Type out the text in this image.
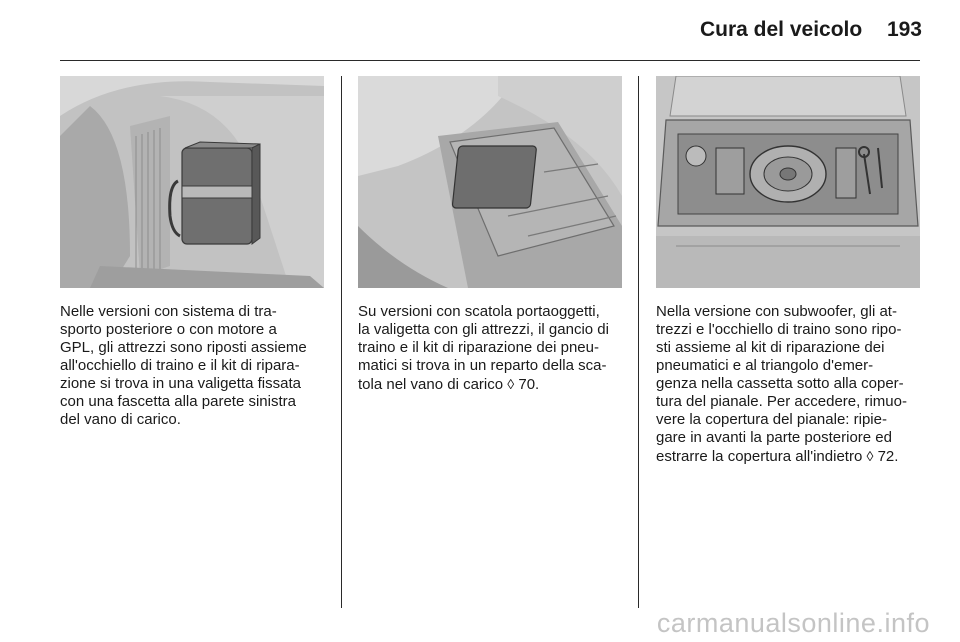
Cura del veicolo	193

Nelle versioni con sistema di tra-
sporto posteriore o con motore a
GPL, gli attrezzi sono riposti assieme
all'occhiello di traino e il kit di ripara-
zione si trova in una valigetta fissata
con una fascetta alla parete sinistra
del vano di carico.

Su versioni con scatola portaoggetti,
la valigetta con gli attrezzi, il gancio di
traino e il kit di riparazione dei pneu-
matici si trova in un reparto della sca-
tola nel vano di carico ◊ 70.

Nella versione con subwoofer, gli at-
trezzi e l'occhiello di traino sono ripo-
sti assieme al kit di riparazione dei
pneumatici e al triangolo d'emer-
genza nella cassetta sotto alla coper-
tura del pianale. Per accedere, rimuo-
vere la copertura del pianale: ripie-
gare in avanti la parte posteriore ed
estrarre la copertura all'indietro ◊ 72.

carmanualsonline.info
